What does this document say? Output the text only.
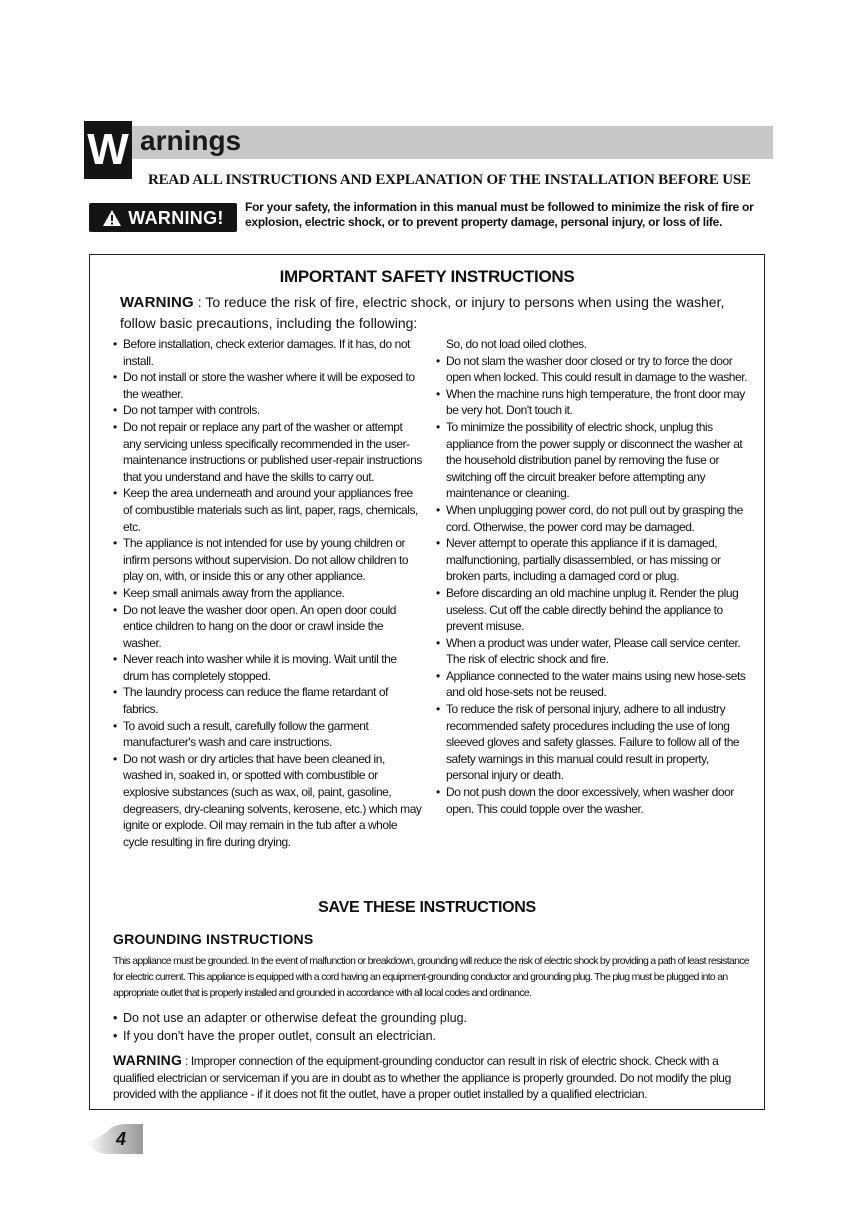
W arnings
READ ALL INSTRUCTIONS AND EXPLANATION OF THE INSTALLATION BEFORE USE
WARNING!
For your safety, the information in this manual must be followed to minimize the risk of fire or explosion, electric shock, or to prevent property damage, personal injury, or loss of life.
IMPORTANT SAFETY INSTRUCTIONS
WARNING : To reduce the risk of fire, electric shock, or injury to persons when using the washer, follow basic precautions, including the following:
• Before installation, check exterior damages. If it has, do not install.
• Do not install or store the washer where it will be exposed to the weather.
• Do not tamper with controls.
• Do not repair or replace any part of the washer or attempt any servicing unless specifically recommended in the user-maintenance instructions or published user-repair instructions that you understand and have the skills to carry out.
• Keep the area underneath and around your appliances free of combustible materials such as lint, paper, rags, chemicals, etc.
• The appliance is not intended for use by young children or infirm persons without supervision. Do not allow children to play on, with, or inside this or any other appliance.
• Keep small animals away from the appliance.
• Do not leave the washer door open. An open door could entice children to hang on the door or crawl inside the washer.
• Never reach into washer while it is moving. Wait until the drum has completely stopped.
• The laundry process can reduce the flame retardant of fabrics.
• To avoid such a result, carefully follow the garment manufacturer's wash and care instructions.
• Do not wash or dry articles that have been cleaned in, washed in, soaked in, or spotted with combustible or explosive substances (such as wax, oil, paint, gasoline, degreasers, dry-cleaning solvents, kerosene, etc.) which may ignite or explode. Oil may remain in the tub after a whole cycle resulting in fire during drying.
So, do not load oiled clothes.
• Do not slam the washer door closed or try to force the door open when locked. This could result in damage to the washer.
• When the machine runs high temperature, the front door may be very hot. Don't touch it.
• To minimize the possibility of electric shock, unplug this appliance from the power supply or disconnect the washer at the household distribution panel by removing the fuse or switching off the circuit breaker before attempting any maintenance or cleaning.
• When unplugging power cord, do not pull out by grasping the cord. Otherwise, the power cord may be damaged.
• Never attempt to operate this appliance if it is damaged, malfunctioning, partially disassembled, or has missing or broken parts, including a damaged cord or plug.
• Before discarding an old machine unplug it. Render the plug useless. Cut off the cable directly behind the appliance to prevent misuse.
• When a product was under water, Please call service center. The risk of electric shock and fire.
• Appliance connected to the water mains using new hose-sets and old hose-sets not be reused.
• To reduce the risk of personal injury, adhere to all industry recommended safety procedures including the use of long sleeved gloves and safety glasses. Failure to follow all of the safety warnings in this manual could result in property, personal injury or death.
• Do not push down the door excessively, when washer door open. This could topple over the washer.
SAVE THESE INSTRUCTIONS
GROUNDING INSTRUCTIONS
This appliance must be grounded. In the event of malfunction or breakdown, grounding will reduce the risk of electric shock by providing a path of least resistance for electric current. This appliance is equipped with a cord having an equipment-grounding conductor and grounding plug. The plug must be plugged into an appropriate outlet that is properly installed and grounded in accordance with all local codes and ordinance.
• Do not use an adapter or otherwise defeat the grounding plug.
• If you don't have the proper outlet, consult an electrician.
WARNING : Improper connection of the equipment-grounding conductor can result in risk of electric shock. Check with a qualified electrician or serviceman if you are in doubt as to whether the appliance is properly grounded. Do not modify the plug provided with the appliance - if it does not fit the outlet, have a proper outlet installed by a qualified electrician.
4
